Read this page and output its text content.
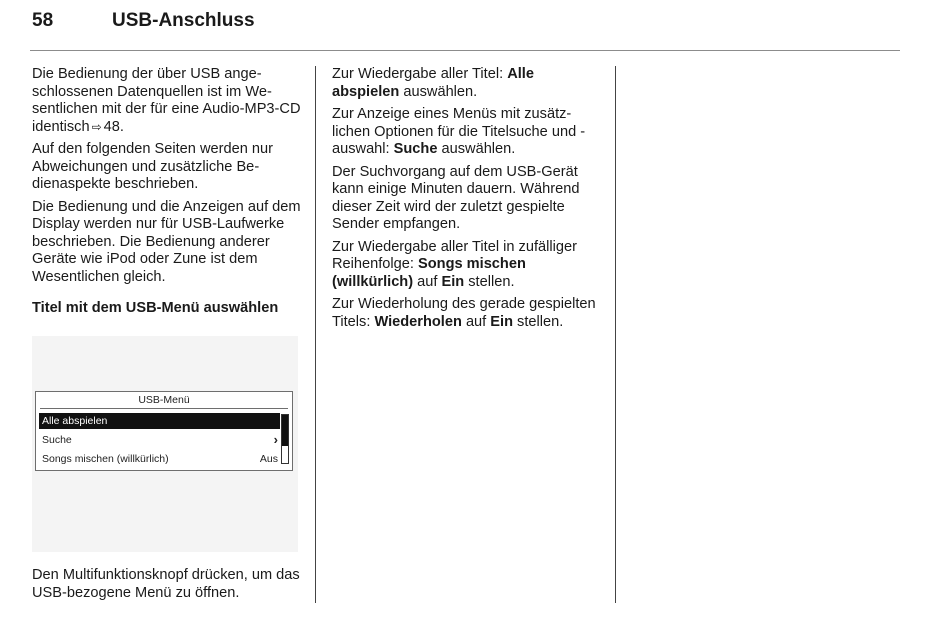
58	USB-Anschluss

Die Bedienung der über USB angeschlossenen Datenquellen ist im Wesentlichen mit der für eine Audio-MP3-CD identisch ⇨ 48.

Auf den folgenden Seiten werden nur Abweichungen und zusätzliche Bedienaspekte beschrieben.

Die Bedienung und die Anzeigen auf dem Display werden nur für USB-Laufwerke beschrieben. Die Bedienung anderer Geräte wie iPod oder Zune ist dem Wesentlichen gleich.

Titel mit dem USB-Menü auswählen

USB-Menü
Alle abspielen
Suche	›
Songs mischen (willkürlich)	Aus

Den Multifunktionsknopf drücken, um das USB-bezogene Menü zu öffnen.

Zur Wiedergabe aller Titel: Alle abspielen auswählen.

Zur Anzeige eines Menüs mit zusätzlichen Optionen für die Titelsuche und -auswahl: Suche auswählen.

Der Suchvorgang auf dem USB-Gerät kann einige Minuten dauern. Während dieser Zeit wird der zuletzt gespielte Sender empfangen.

Zur Wiedergabe aller Titel in zufälliger Reihenfolge: Songs mischen (willkürlich) auf Ein stellen.

Zur Wiederholung des gerade gespielten Titels: Wiederholen auf Ein stellen.
